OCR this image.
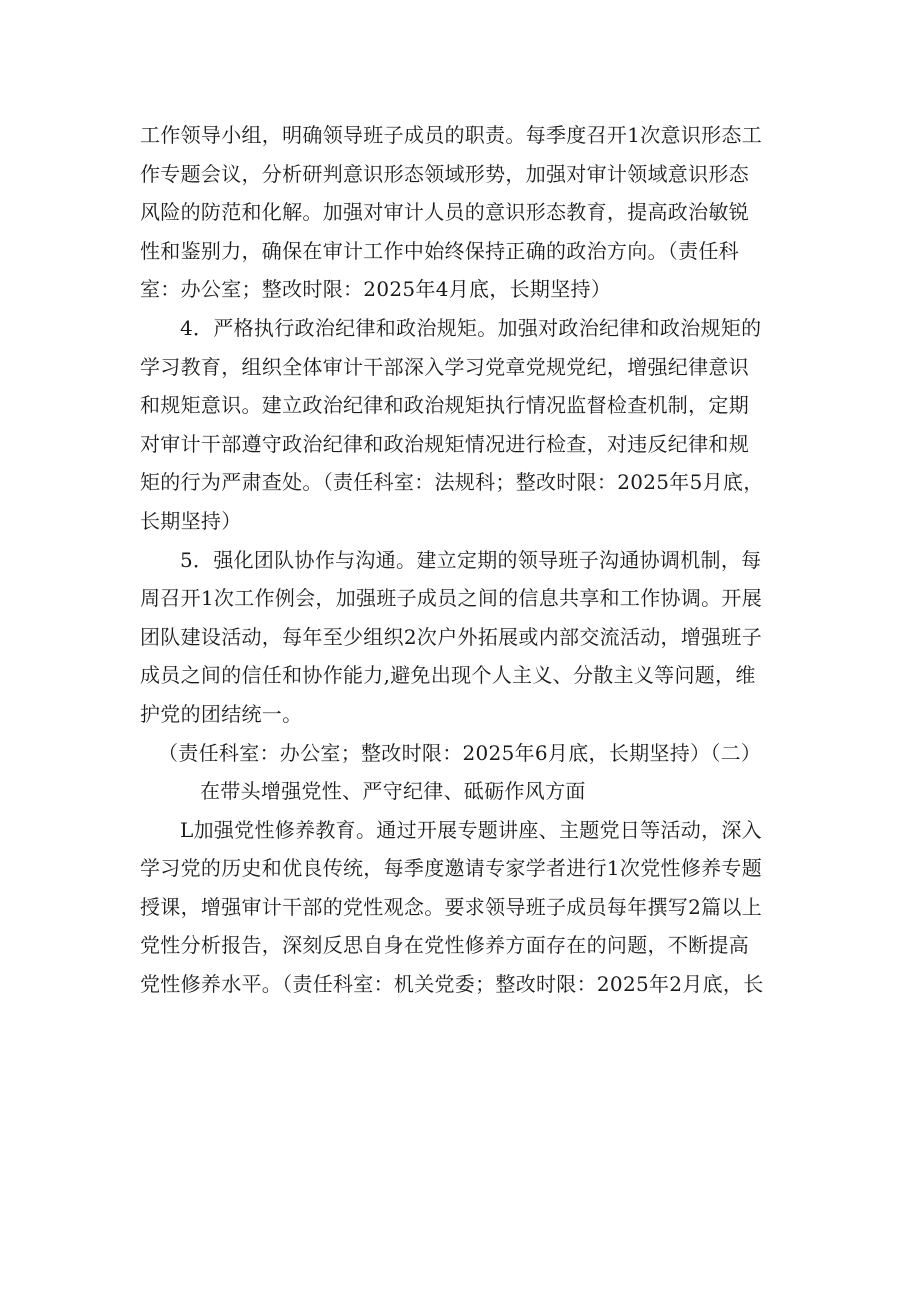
工作领导小组，明确领导班子成员的职责。每季度召开1次意识形态工
作专题会议，分析研判意识形态领域形势，加强对审计领域意识形态
风险的防范和化解。加强对审计人员的意识形态教育，提高政治敏锐
性和鉴别力，确保在审计工作中始终保持正确的政治方向。（责任科
室：办公室；整改时限：2025年4月底，长期坚持）

4．严格执行政治纪律和政治规矩。加强对政治纪律和政治规矩的
学习教育，组织全体审计干部深入学习党章党规党纪，增强纪律意识
和规矩意识。建立政治纪律和政治规矩执行情况监督检查机制，定期
对审计干部遵守政治纪律和政治规矩情况进行检查，对违反纪律和规
矩的行为严肃查处。（责任科室：法规科；整改时限：2025年5月底，
长期坚持）

5．强化团队协作与沟通。建立定期的领导班子沟通协调机制，每
周召开1次工作例会，加强班子成员之间的信息共享和工作协调。开展
团队建设活动，每年至少组织2次户外拓展或内部交流活动，增强班子
成员之间的信任和协作能力,避免出现个人主义、分散主义等问题，维
护党的团结统一。

（责任科室：办公室；整改时限：2025年6月底，长期坚持）（二）
在带头增强党性、严守纪律、砥砺作风方面

L加强党性修养教育。通过开展专题讲座、主题党日等活动，深入
学习党的历史和优良传统，每季度邀请专家学者进行1次党性修养专题
授课，增强审计干部的党性观念。要求领导班子成员每年撰写2篇以上
党性分析报告，深刻反思自身在党性修养方面存在的问题，不断提高
党性修养水平。（责任科室：机关党委；整改时限：2025年2月底，长
